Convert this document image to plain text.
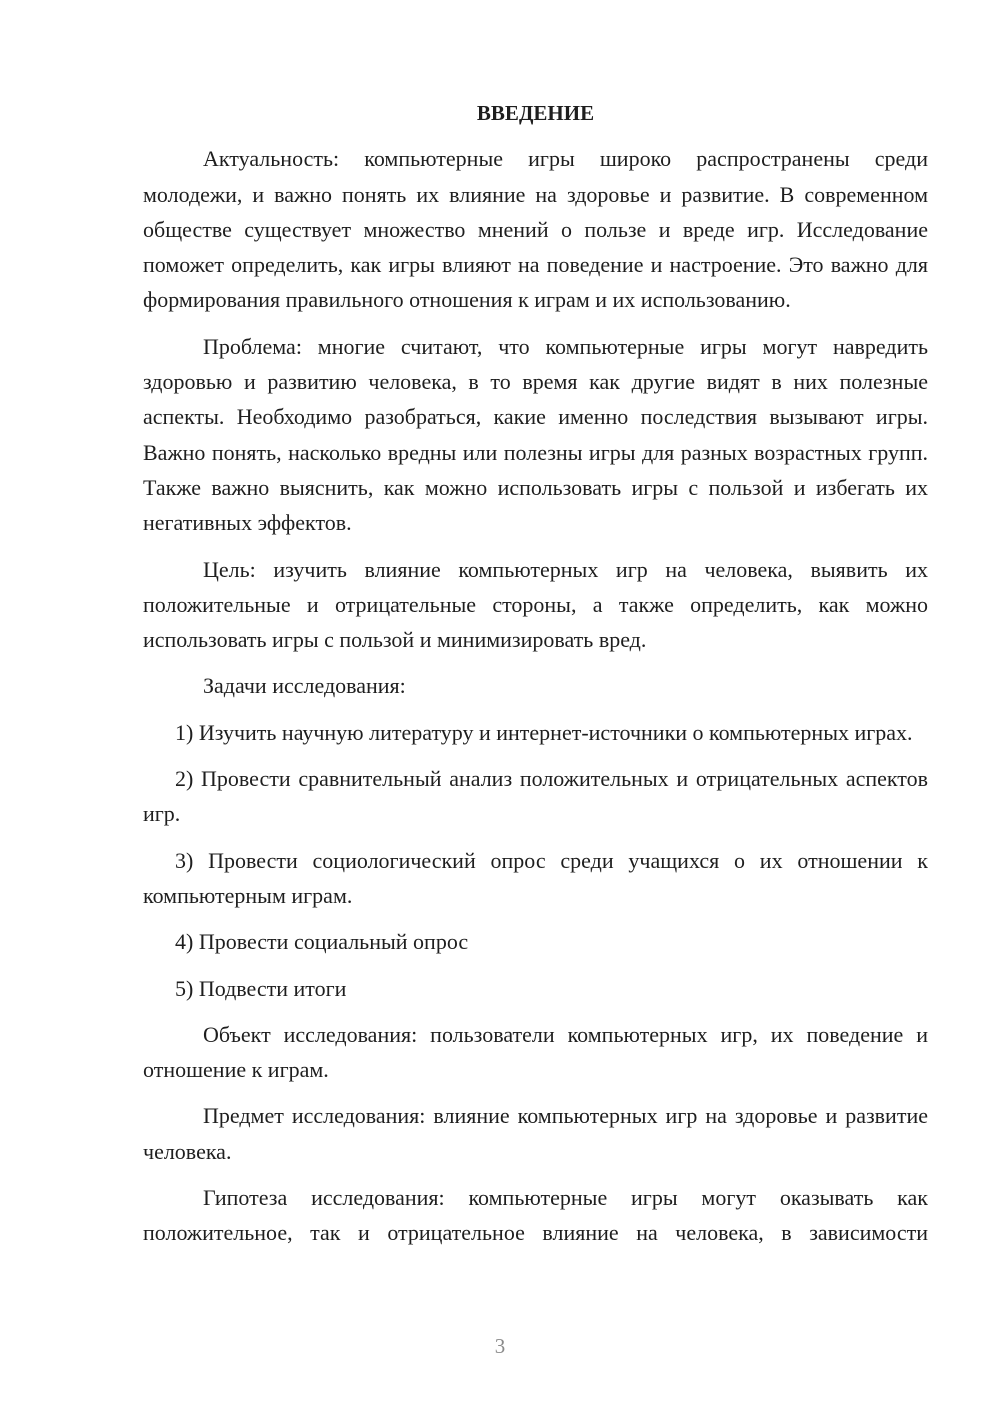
ВВЕДЕНИЕ

Актуальность: компьютерные игры широко распространены среди молодежи, и важно понять их влияние на здоровье и развитие. В современном обществе существует множество мнений о пользе и вреде игр. Исследование поможет определить, как игры влияют на поведение и настроение. Это важно для формирования правильного отношения к играм и их использованию.

Проблема: многие считают, что компьютерные игры могут навредить здоровью и развитию человека, в то время как другие видят в них полезные аспекты. Необходимо разобраться, какие именно последствия вызывают игры. Важно понять, насколько вредны или полезны игры для разных возрастных групп. Также важно выяснить, как можно использовать игры с пользой и избегать их негативных эффектов.

Цель: изучить влияние компьютерных игр на человека, выявить их положительные и отрицательные стороны, а также определить, как можно использовать игры с пользой и минимизировать вред.

Задачи исследования:

1) Изучить научную литературу и интернет-источники о компьютерных играх.

2) Провести сравнительный анализ положительных и отрицательных аспектов игр.

3) Провести социологический опрос среди учащихся о их отношении к компьютерным играм.

4) Провести социальный опрос

5) Подвести итоги

Объект исследования: пользователи компьютерных игр, их поведение и отношение к играм.

Предмет исследования: влияние компьютерных игр на здоровье и развитие человека.

Гипотеза исследования: компьютерные игры могут оказывать как положительное, так и отрицательное влияние на человека, в зависимости

3
